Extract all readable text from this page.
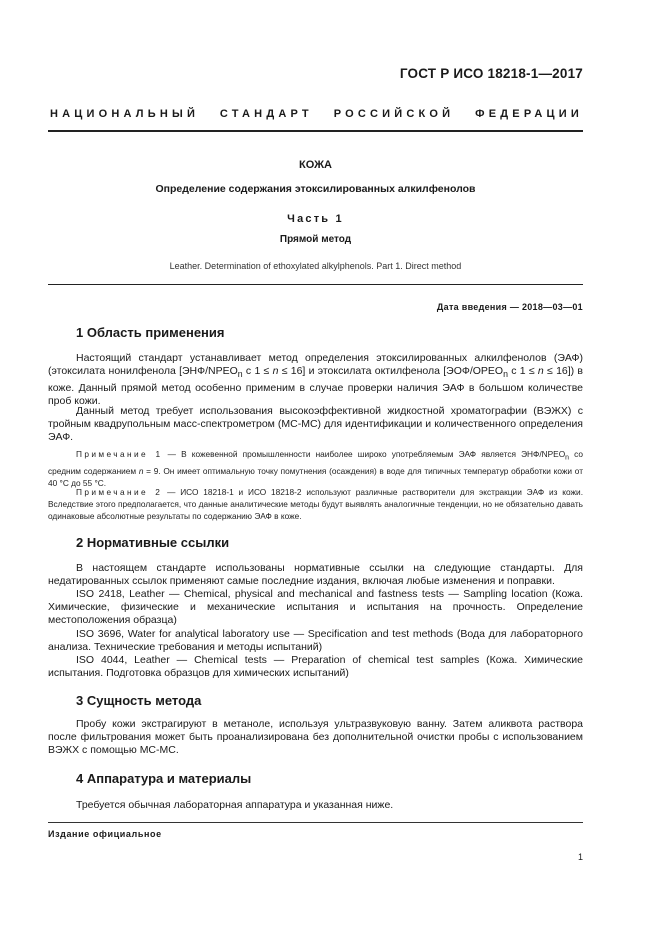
ГОСТ Р ИСО 18218-1—2017
НАЦИОНАЛЬНЫЙ СТАНДАРТ РОССИЙСКОЙ ФЕДЕРАЦИИ
КОЖА
Определение содержания этоксилированных алкилфенолов
Часть 1
Прямой метод
Leather. Determination of ethoxylated alkylphenols. Part 1. Direct method
Дата введения — 2018—03—01
1 Область применения

Настоящий стандарт устанавливает метод определения этоксилированных алкилфенолов (ЭАФ) (этоксилата нонилфенола [$ЭНФ/NPEO_n$ с 1 ≤ n ≤ 16] и этоксилата октилфенола [$ЭОФ/OPEO_n$ с 1 ≤ n ≤ 16]) в коже. Данный прямой метод особенно применим в случае проверки наличия ЭАФ в большом количестве проб кожи.

Данный метод требует использования высокоэффективной жидкостной хроматографии (ВЭЖХ) с тройным квадрупольным масс-спектрометром (МС-МС) для идентификации и количественного определения ЭАФ.

Примечание 1 — В кожевенной промышленности наиболее широко употребляемым ЭАФ является ЭНФ/$NPEO_n$ со средним содержанием n = 9. Он имеет оптимальную точку помутнения (осаждения) в воде для типичных температур обработки кожи от 40 °С до 55 °С.

Примечание 2 — ИСО 18218-1 и ИСО 18218-2 используют различные растворители для экстракции ЭАФ из кожи. Вследствие этого предполагается, что данные аналитические методы будут выявлять аналогичные тенденции, но не обязательно давать одинаковые абсолютные результаты по содержанию ЭАФ в коже.

2 Нормативные ссылки

В настоящем стандарте использованы нормативные ссылки на следующие стандарты. Для недатированных ссылок применяют самые последние издания, включая любые изменения и поправки.

ISO 2418, Leather — Chemical, physical and mechanical and fastness tests — Sampling location (Кожа. Химические, физические и механические испытания и испытания на прочность. Определение местоположения образца)

ISO 3696, Water for analytical laboratory use — Specification and test methods (Вода для лабораторного анализа. Технические требования и методы испытаний)

ISO 4044, Leather — Chemical tests — Preparation of chemical test samples (Кожа. Химические испытания. Подготовка образцов для химических испытаний)

3 Сущность метода

Пробу кожи экстрагируют в метаноле, используя ультразвуковую ванну. Затем аликвота раствора после фильтрования может быть проанализирована без дополнительной очистки пробы с использованием ВЭЖХ с помощью МС-МС.

4 Аппаратура и материалы

Требуется обычная лабораторная аппаратура и указанная ниже.

Издание официальное
1
